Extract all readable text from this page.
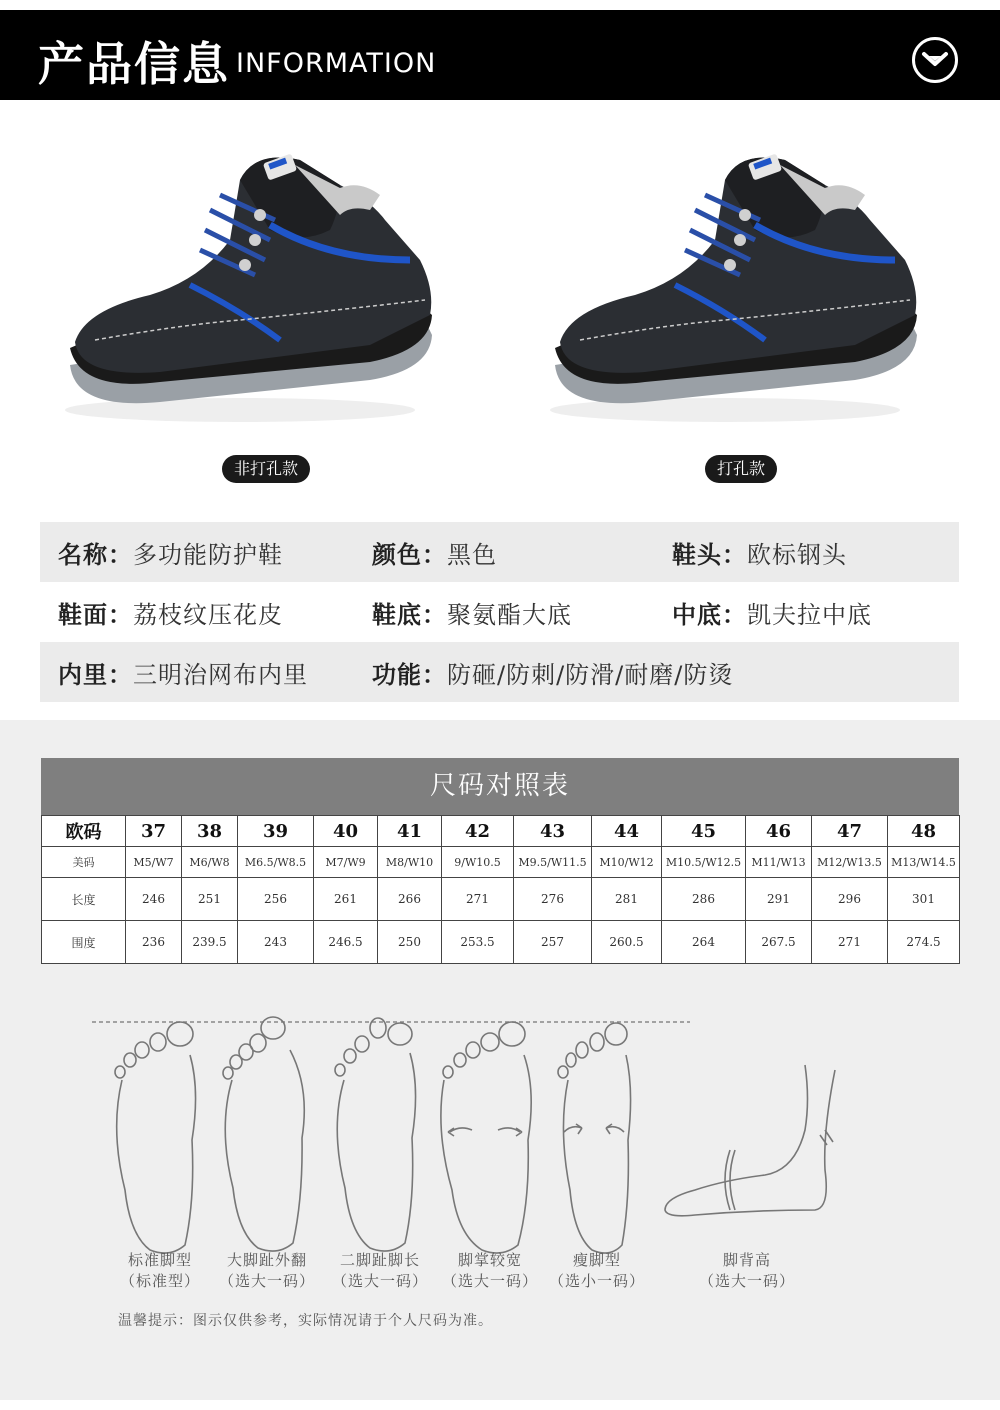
产品信息 INFORMATION
非打孔款	打孔款
名称：多功能防护鞋	颜色：黑色	鞋头：欧标钢头
鞋面：荔枝纹压花皮	鞋底：聚氨酯大底	中底：凯夫拉中底
内里：三明治网布内里	功能：防砸/防刺/防滑/耐磨/防烫
尺码对照表
欧码	37	38	39	40	41	42	43	44	45	46	47	48
美码	M5/W7	M6/W8	M6.5/W8.5	M7/W9	M8/W10	9/W10.5	M9.5/W11.5	M10/W12	M10.5/W12.5	M11/W13	M12/W13.5	M13/W14.5
长度	246	251	256	261	266	271	276	281	286	291	296	301
围度	236	239.5	243	246.5	250	253.5	257	260.5	264	267.5	271	274.5
标准脚型
（标准型）
大脚趾外翻
（选大一码）
二脚趾脚长
（选大一码）
脚掌较宽
（选大一码）
瘦脚型
（选小一码）
脚背高
（选大一码）
温馨提示：图示仅供参考，实际情况请于个人尺码为准。
